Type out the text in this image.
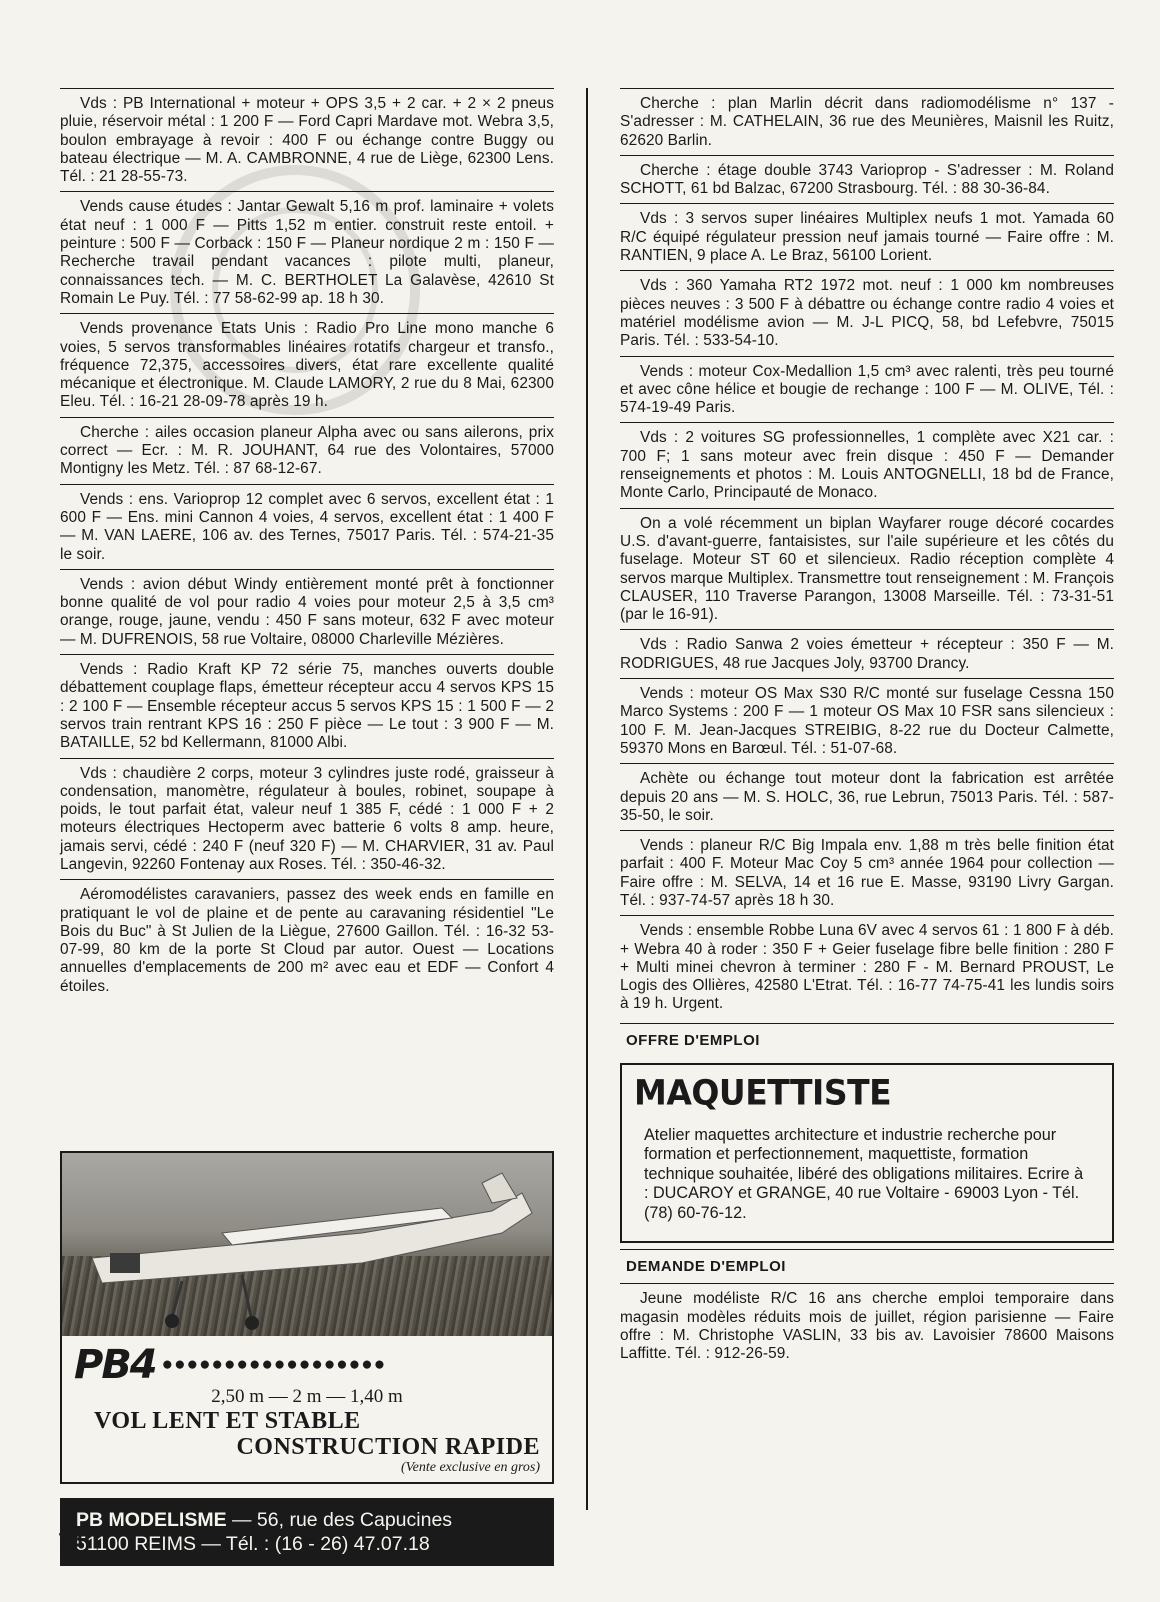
Vds : PB International + moteur + OPS 3,5 + 2 car. + 2 × 2 pneus pluie, réservoir métal : 1 200 F — Ford Capri Mardave mot. Webra 3,5, boulon embrayage à revoir : 400 F ou échange contre Buggy ou bateau électrique — M. A. CAMBRONNE, 4 rue de Liège, 62300 Lens. Tél. : 21 28-55-73.
Vends cause études : Jantar Gewalt 5,16 m prof. laminaire + volets état neuf : 1 000 F — Pitts 1,52 m entier. construit reste entoil. + peinture : 500 F — Corback : 150 F — Planeur nordique 2 m : 150 F — Recherche travail pendant vacances : pilote multi, planeur, connaissances tech. — M. C. BERTHOLET La Galavèse, 42610 St Romain Le Puy. Tél. : 77 58-62-99 ap. 18 h 30.
Vends provenance Etats Unis : Radio Pro Line mono manche 6 voies, 5 servos transformables linéaires rotatifs chargeur et transfo., fréquence 72,375, accessoires divers, état rare excellente qualité mécanique et électronique. M. Claude LAMORY, 2 rue du 8 Mai, 62300 Eleu. Tél. : 16-21 28-09-78 après 19 h.
Cherche : ailes occasion planeur Alpha avec ou sans ailerons, prix correct — Ecr. : M. R. JOUHANT, 64 rue des Volontaires, 57000 Montigny les Metz. Tél. : 87 68-12-67.
Vends : ens. Varioprop 12 complet avec 6 servos, excellent état : 1 600 F — Ens. mini Cannon 4 voies, 4 servos, excellent état : 1 400 F — M. VAN LAERE, 106 av. des Ternes, 75017 Paris. Tél. : 574-21-35 le soir.
Vends : avion début Windy entièrement monté prêt à fonctionner bonne qualité de vol pour radio 4 voies pour moteur 2,5 à 3,5 cm³ orange, rouge, jaune, vendu : 450 F sans moteur, 632 F avec moteur — M. DUFRENOIS, 58 rue Voltaire, 08000 Charleville Mézières.
Vends : Radio Kraft KP 72 série 75, manches ouverts double débattement couplage flaps, émetteur récepteur accu 4 servos KPS 15 : 2 100 F — Ensemble récepteur accus 5 servos KPS 15 : 1 500 F — 2 servos train rentrant KPS 16 : 250 F pièce — Le tout : 3 900 F — M. BATAILLE, 52 bd Kellermann, 81000 Albi.
Vds : chaudière 2 corps, moteur 3 cylindres juste rodé, graisseur à condensation, manomètre, régulateur à boules, robinet, soupape à poids, le tout parfait état, valeur neuf 1 385 F, cédé : 1 000 F + 2 moteurs électriques Hectoperm avec batterie 6 volts 8 amp. heure, jamais servi, cédé : 240 F (neuf 320 F) — M. CHARVIER, 31 av. Paul Langevin, 92260 Fontenay aux Roses. Tél. : 350-46-32.
Aéromodélistes caravaniers, passez des week ends en famille en pratiquant le vol de plaine et de pente au caravaning résidentiel "Le Bois du Buc" à St Julien de la Liègue, 27600 Gaillon. Tél. : 16-32 53-07-99, 80 km de la porte St Cloud par autor. Ouest — Locations annuelles d'emplacements de 200 m² avec eau et EDF — Confort 4 étoiles.
PB4 ●●●●●●●●●●●●●●●●●●
2,50 m — 2 m — 1,40 m
VOL LENT ET STABLE
CONSTRUCTION RAPIDE
(Vente exclusive en gros)
PB MODELISME — 56, rue des Capucines
51100 REIMS — Tél. : (16 - 26) 47.07.18
Cherche : plan Marlin décrit dans radiomodélisme n° 137 - S'adresser : M. CATHELAIN, 36 rue des Meunières, Maisnil les Ruitz, 62620 Barlin.
Cherche : étage double 3743 Varioprop - S'adresser : M. Roland SCHOTT, 61 bd Balzac, 67200 Strasbourg. Tél. : 88 30-36-84.
Vds : 3 servos super linéaires Multiplex neufs 1 mot. Yamada 60 R/C équipé régulateur pression neuf jamais tourné — Faire offre : M. RANTIEN, 9 place A. Le Braz, 56100 Lorient.
Vds : 360 Yamaha RT2 1972 mot. neuf : 1 000 km nombreuses pièces neuves : 3 500 F à débattre ou échange contre radio 4 voies et matériel modélisme avion — M. J-L PICQ, 58, bd Lefebvre, 75015 Paris. Tél. : 533-54-10.
Vends : moteur Cox-Medallion 1,5 cm³ avec ralenti, très peu tourné et avec cône hélice et bougie de rechange : 100 F — M. OLIVE, Tél. : 574-19-49 Paris.
Vds : 2 voitures SG professionnelles, 1 complète avec X21 car. : 700 F; 1 sans moteur avec frein disque : 450 F — Demander renseignements et photos : M. Louis ANTOGNELLI, 18 bd de France, Monte Carlo, Principauté de Monaco.
On a volé récemment un biplan Wayfarer rouge décoré cocardes U.S. d'avant-guerre, fantaisistes, sur l'aile supérieure et les côtés du fuselage. Moteur ST 60 et silencieux. Radio réception complète 4 servos marque Multiplex. Transmettre tout renseignement : M. François CLAUSER, 110 Traverse Parangon, 13008 Marseille. Tél. : 73-31-51 (par le 16-91).
Vds : Radio Sanwa 2 voies émetteur + récepteur : 350 F — M. RODRIGUES, 48 rue Jacques Joly, 93700 Drancy.
Vends : moteur OS Max S30 R/C monté sur fuselage Cessna 150 Marco Systems : 200 F — 1 moteur OS Max 10 FSR sans silencieux : 100 F. M. Jean-Jacques STREIBIG, 8-22 rue du Docteur Calmette, 59370 Mons en Barœul. Tél. : 51-07-68.
Achète ou échange tout moteur dont la fabrication est arrêtée depuis 20 ans — M. S. HOLC, 36, rue Lebrun, 75013 Paris. Tél. : 587-35-50, le soir.
Vends : planeur R/C Big Impala env. 1,88 m très belle finition état parfait : 400 F. Moteur Mac Coy 5 cm³ année 1964 pour collection — Faire offre : M. SELVA, 14 et 16 rue E. Masse, 93190 Livry Gargan. Tél. : 937-74-57 après 18 h 30.
Vends : ensemble Robbe Luna 6V avec 4 servos 61 : 1 800 F à déb. + Webra 40 à roder : 350 F + Geier fuselage fibre belle finition : 280 F + Multi minei chevron à terminer : 280 F - M. Bernard PROUST, Le Logis des Ollières, 42580 L'Etrat. Tél. : 16-77 74-75-41 les lundis soirs à 19 h. Urgent.
OFFRE D'EMPLOI
MAQUETTISTE
Atelier maquettes architecture et industrie recherche pour formation et perfectionnement, maquettiste, formation technique souhaitée, libéré des obligations militaires. Ecrire à : DUCAROY et GRANGE, 40 rue Voltaire - 69003 Lyon - Tél. (78) 60-76-12.
DEMANDE D'EMPLOI
Jeune modéliste R/C 16 ans cherche emploi temporaire dans magasin modèles réduits mois de juillet, région parisienne — Faire offre : M. Christophe VASLIN, 33 bis av. Lavoisier 78600 Maisons Laffitte. Tél. : 912-26-59.
78
